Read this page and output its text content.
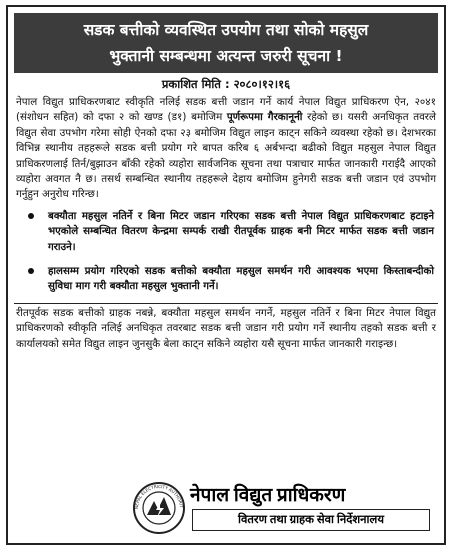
सडक बत्तीको व्यवस्थित उपयोग तथा सोको महसुल
भुक्तानी सम्बन्धमा अत्यन्त जरुरी सूचना !
प्रकाशित मिति : २०८०।१२।१६
नेपाल विद्युत प्राधिकरणबाट स्वीकृति नलिई सडक बत्ती जडान गर्ने कार्य नेपाल विद्युत प्राधिकरण ऐन, २०४१ (संशोधन सहित) को दफा २ को खण्ड (ड१) बमोजिम पूर्णरूपमा गैरकानूनी रहेको छ। यसरी अनधिकृत तवरले विद्युत सेवा उपभोग गरेमा सोही ऐनको दफा २३ बमोजिम विद्युत लाइन काट्न सकिने व्यवस्था रहेको छ। देशभरका विभिन्न स्थानीय तहहरूले सडक बत्ती प्रयोग गरे बापत करिब ६ अर्बभन्दा बढीको विद्युत महसुल नेपाल विद्युत प्राधिकरणलाई तिर्न/बुझाउन बाँकी रहेको व्यहोरा सार्वजनिक सूचना तथा पत्राचार मार्फत जानकारी गराईदै आएको व्यहोरा अवगत नै छ। तसर्थ सम्बन्धित स्थानीय तहहरूले देहाय बमोजिम हुनेगरी सडक बत्ती जडान एवं उपभोग गर्नुहुन अनुरोध गरिन्छ।
बक्यौता महसुल नतिर्ने र बिना मिटर जडान गरिएका सडक बत्ती नेपाल विद्युत प्राधिकरणबाट हटाइने भएकोले सम्बन्धित वितरण केन्द्रमा सम्पर्क राखी रीतपूर्वक ग्राहक बनी मिटर मार्फत सडक बत्ती जडान गराउने।
हालसम्म प्रयोग गरिएको सडक बत्तीको बक्यौता महसुल समर्थन गरी आवश्यक भएमा किस्ताबन्दीको सुविधा माग गरी बक्यौता महसुल भुक्तानी गर्ने।
रीतपूर्वक सडक बत्तीको ग्राहक नबन्ने, बक्यौता महसुल समर्थन नगर्ने, महसुल नतिर्ने र बिना मिटर नेपाल विद्युत प्राधिकरणको स्वीकृति नलिई अनधिकृत तवरबाट सडक बत्ती जडान गरी प्रयोग गर्ने स्थानीय तहको सडक बत्ती र कार्यालयको समेत विद्युत लाइन जुनसुकै बेला काट्न सकिने व्यहोरा यसै सूचना मार्फत जानकारी गराइन्छ।
NEPAL ELECTRICITY AUTHORIT
नेपाल विद्युत प्राधिकरण
वितरण तथा ग्राहक सेवा निर्देशनालय
